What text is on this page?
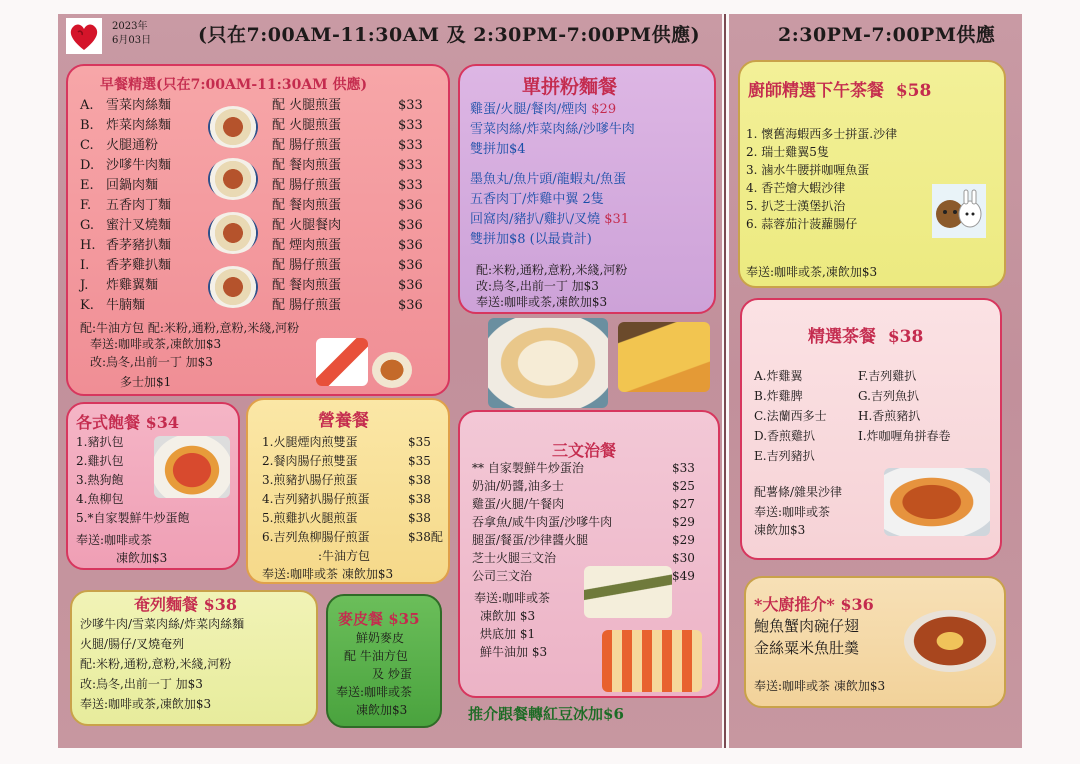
2023年
6月03日 (只在7:00AM-11:30AM 及 2:30PM-7:00PM供應)	2:30PM-7:00PM供應
早餐精選(只在7:00AM-11:30AM 供應)
A. 雪菜肉絲麵	配 火腿煎蛋	$33
B. 炸菜肉絲麵	配 火腿煎蛋	$33
C. 火腿通粉	配 腸仔煎蛋	$33
D. 沙嗲牛肉麵	配 餐肉煎蛋	$33
E. 回鍋肉麵	配 腸仔煎蛋	$33
F. 五香肉丁麵	配 餐肉煎蛋	$36
G. 蜜汁叉燒麵	配 火腿餐肉	$36
H. 香茅豬扒麵	配 煙肉煎蛋	$36
I. 香茅雞扒麵	配 腸仔煎蛋	$36
J. 炸雞翼麵	配 餐肉煎蛋	$36
K. 牛腩麵	配 腸仔煎蛋	$36
配:牛油方包 配:米粉,通粉,意粉,米綫,河粉
奉送:咖啡或茶,凍飲加$3
改:烏冬,出前一丁 加$3
多士加$1
單拼粉麵餐
雞蛋/火腿/餐肉/煙肉 $29
雪菜肉絲/炸菜肉絲/沙嗲牛肉
雙拼加$4
墨魚丸/魚片頭/龍蝦丸/魚蛋
五香肉丁/炸雞中翼 2隻
回窩肉/豬扒/雞扒/叉燒 $31
雙拼加$8 (以最貴計)
配:米粉,通粉,意粉,米綫,河粉
改:烏冬,出前一丁 加$3
奉送:咖啡或茶,凍飲加$3
各式飽餐 $34
1.豬扒包
2.雞扒包
3.熱狗飽
4.魚柳包
5.*自家製鮮牛炒蛋飽
奉送:咖啡或茶
凍飲加$3
營養餐
1.火腿煙肉煎雙蛋	$35
2.餐肉腸仔煎雙蛋	$35
3.煎豬扒腸仔煎蛋	$38
4.吉列豬扒腸仔煎蛋	$38
5.煎雞扒火腿煎蛋	$38
6.吉列魚柳腸仔煎蛋	$38配
:牛油方包
奉送:咖啡或茶 凍飲加$3
三文治餐
** 自家製鮮牛炒蛋治	$33
奶油/奶醬,油多士	$25
雞蛋/火腿/午餐肉	$27
吞拿魚/咸牛肉蛋/沙嗲牛肉	$29
腿蛋/餐蛋/沙律醬火腿	$29
芝士火腿三文治	$30
公司三文治	$49
奉送:咖啡或茶
凍飲加 $3
烘底加 $1
鮮牛油加 $3
奄列麵餐 $38
沙嗲牛肉/雪菜肉絲/炸菜肉絲麵
火腿/腸仔/叉燒奄列
配:米粉,通粉,意粉,米綫,河粉
改:烏冬,出前一丁 加$3
奉送:咖啡或茶,凍飲加$3
麥皮餐 $35
鮮奶麥皮
配 牛油方包
及 炒蛋
奉送:咖啡或茶
凍飲加$3	推介跟餐轉紅豆冰加$6
廚師精選下午茶餐 $58
1. 懷舊海蝦西多士拼蛋.沙律
2. 瑞士雞翼5隻
3. 滷水牛腰拼咖喱魚蛋
4. 香芒燴大蝦沙律
5. 扒芝士漢堡扒治
6. 蒜蓉茄汁菠蘿腸仔
奉送:咖啡或茶,凍飲加$3
精選茶餐 $38
A.炸雞翼
B.炸雞脾
C.法蘭西多士
D.香煎雞扒
E.吉列豬扒
F.吉列雞扒
G.吉列魚扒
H.香煎豬扒
I.炸咖喱角拼春卷
配薯條/雜果沙律
奉送:咖啡或茶
凍飲加$3
*大廚推介* $36
鮑魚蟹肉碗仔翅
金絲粟米魚肚羹
奉送:咖啡或茶 凍飲加$3
